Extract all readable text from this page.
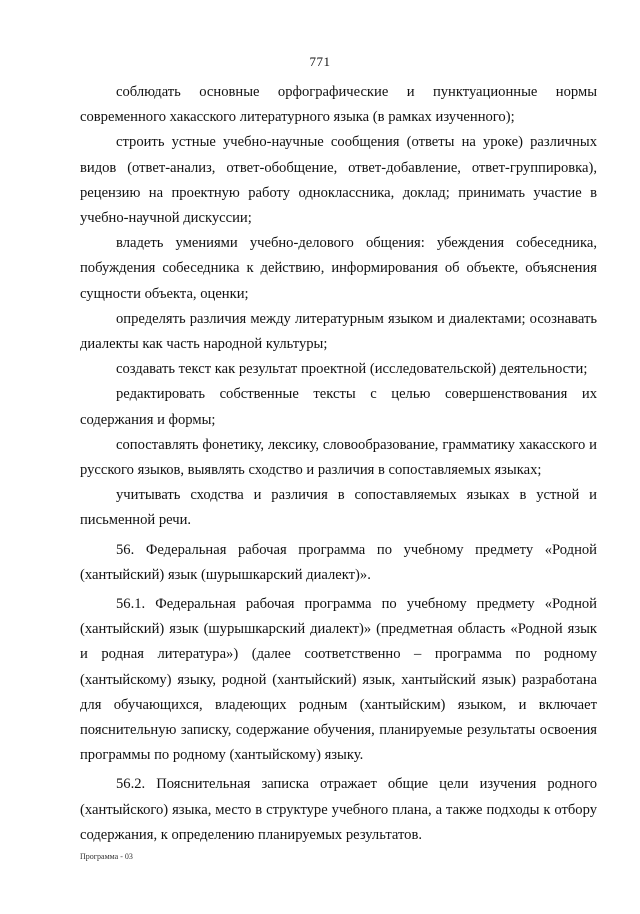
771

соблюдать основные орфографические и пунктуационные нормы современного хакасского литературного языка (в рамках изученного);

строить устные учебно-научные сообщения (ответы на уроке) различных видов (ответ-анализ, ответ-обобщение, ответ-добавление, ответ-группировка), рецензию на проектную работу одноклассника, доклад; принимать участие в учебно-научной дискуссии;

владеть умениями учебно-делового общения: убеждения собеседника, побуждения собеседника к действию, информирования об объекте, объяснения сущности объекта, оценки;

определять различия между литературным языком и диалектами; осознавать диалекты как часть народной культуры;

создавать текст как результат проектной (исследовательской) деятельности;

редактировать собственные тексты с целью совершенствования их содержания и формы;

сопоставлять фонетику, лексику, словообразование, грамматику хакасского и русского языков, выявлять сходство и различия в сопоставляемых языках;

учитывать сходства и различия в сопоставляемых языках в устной и письменной речи.

56. Федеральная рабочая программа по учебному предмету «Родной (хантыйский) язык (шурышкарский диалект)».

56.1. Федеральная рабочая программа по учебному предмету «Родной (хантыйский) язык (шурышкарский диалект)» (предметная область «Родной язык и родная литература») (далее соответственно – программа по родному (хантыйскому) языку, родной (хантыйский) язык, хантыйский язык) разработана для обучающихся, владеющих родным (хантыйским) языком, и включает пояснительную записку, содержание обучения, планируемые результаты освоения программы по родному (хантыйскому) языку.

56.2. Пояснительная записка отражает общие цели изучения родного (хантыйского) языка, место в структуре учебного плана, а также подходы к отбору содержания, к определению планируемых результатов.

Программа - 03
